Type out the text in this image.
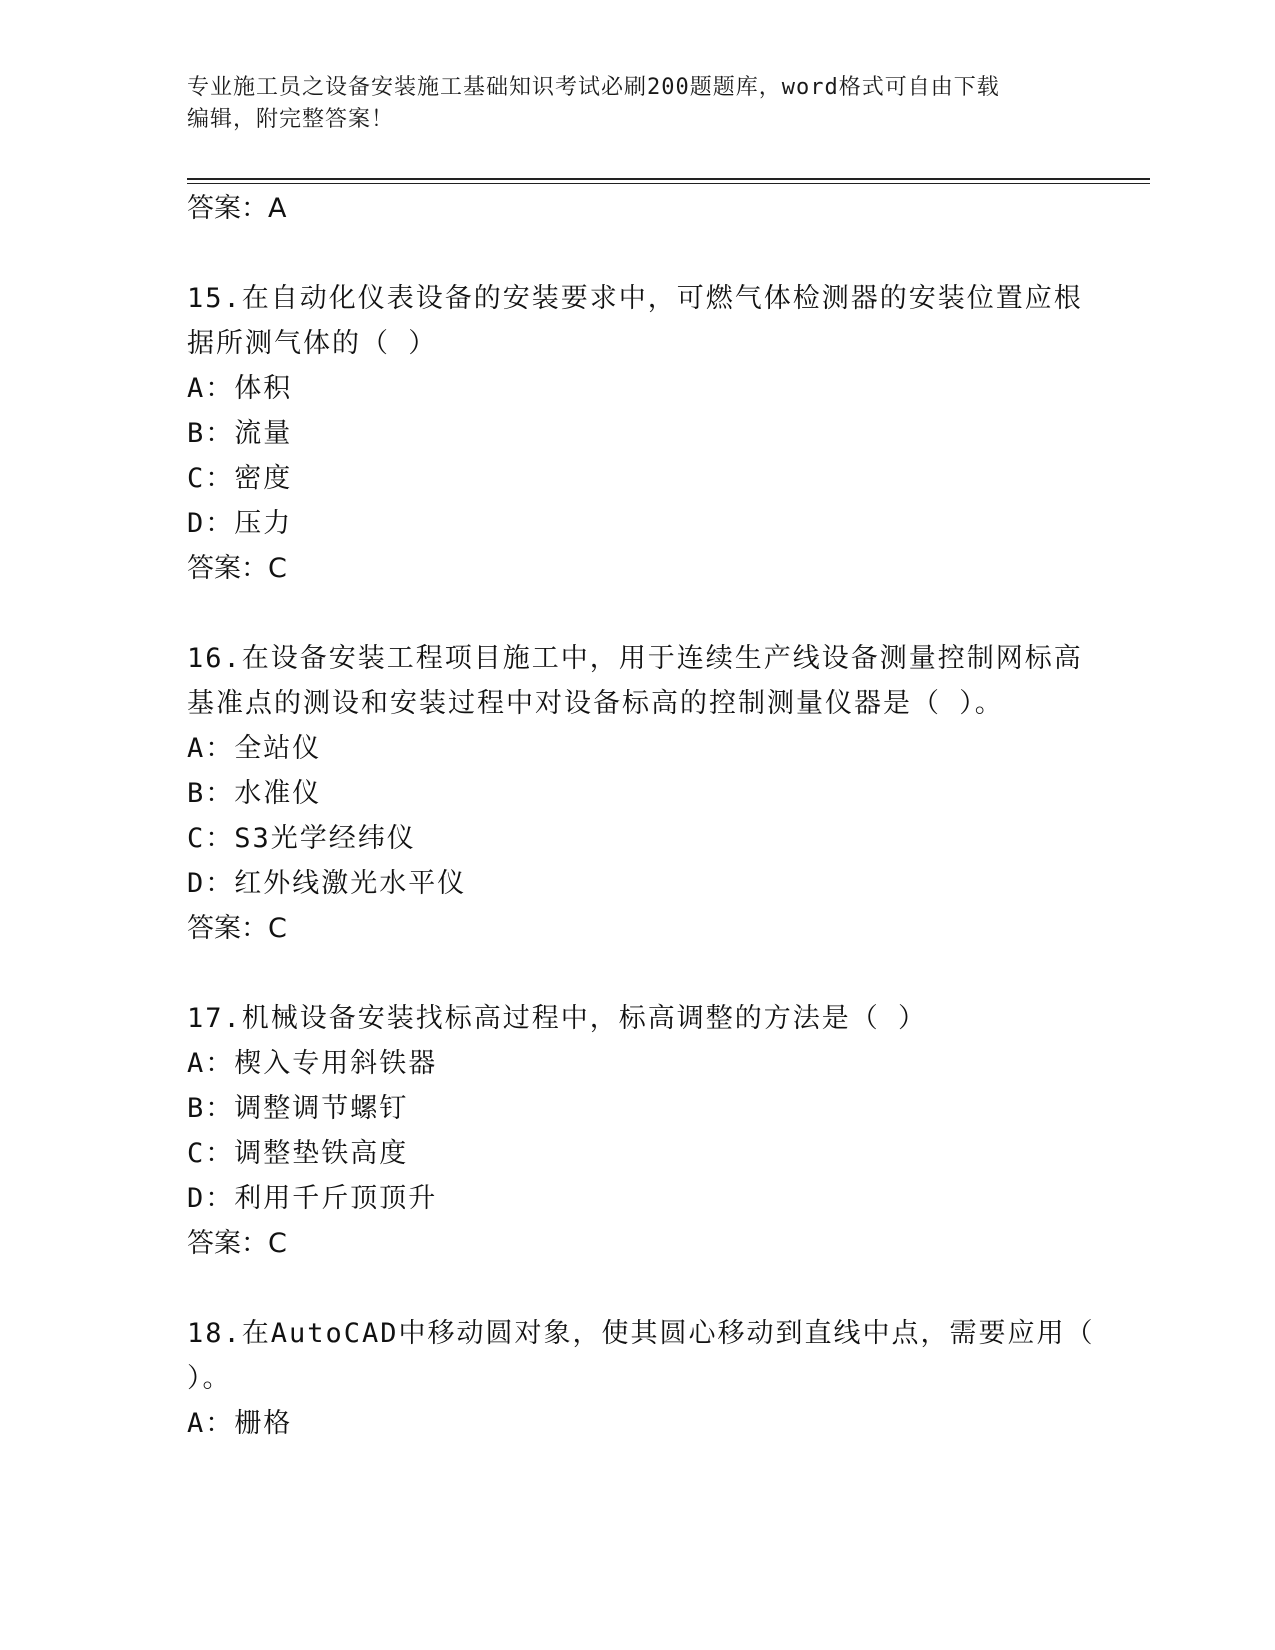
专业施工员之设备安装施工基础知识考试必刷200题题库，word格式可自由下载
编辑，附完整答案！
答案：A
15.在自动化仪表设备的安装要求中，可燃气体检测器的安装位置应根
据所测气体的（ ）
A：体积
B：流量
C：密度
D：压力
答案：C
16.在设备安装工程项目施工中，用于连续生产线设备测量控制网标高
基准点的测设和安装过程中对设备标高的控制测量仪器是（ ）。
A：全站仪
B：水准仪
C：S3光学经纬仪
D：红外线激光水平仪
答案：C
17.机械设备安装找标高过程中，标高调整的方法是（ ）
A：楔入专用斜铁器
B：调整调节螺钉
C：调整垫铁高度
D：利用千斤顶顶升
答案：C
18.在AutoCAD中移动圆对象，使其圆心移动到直线中点，需要应用（
）。
A：栅格
